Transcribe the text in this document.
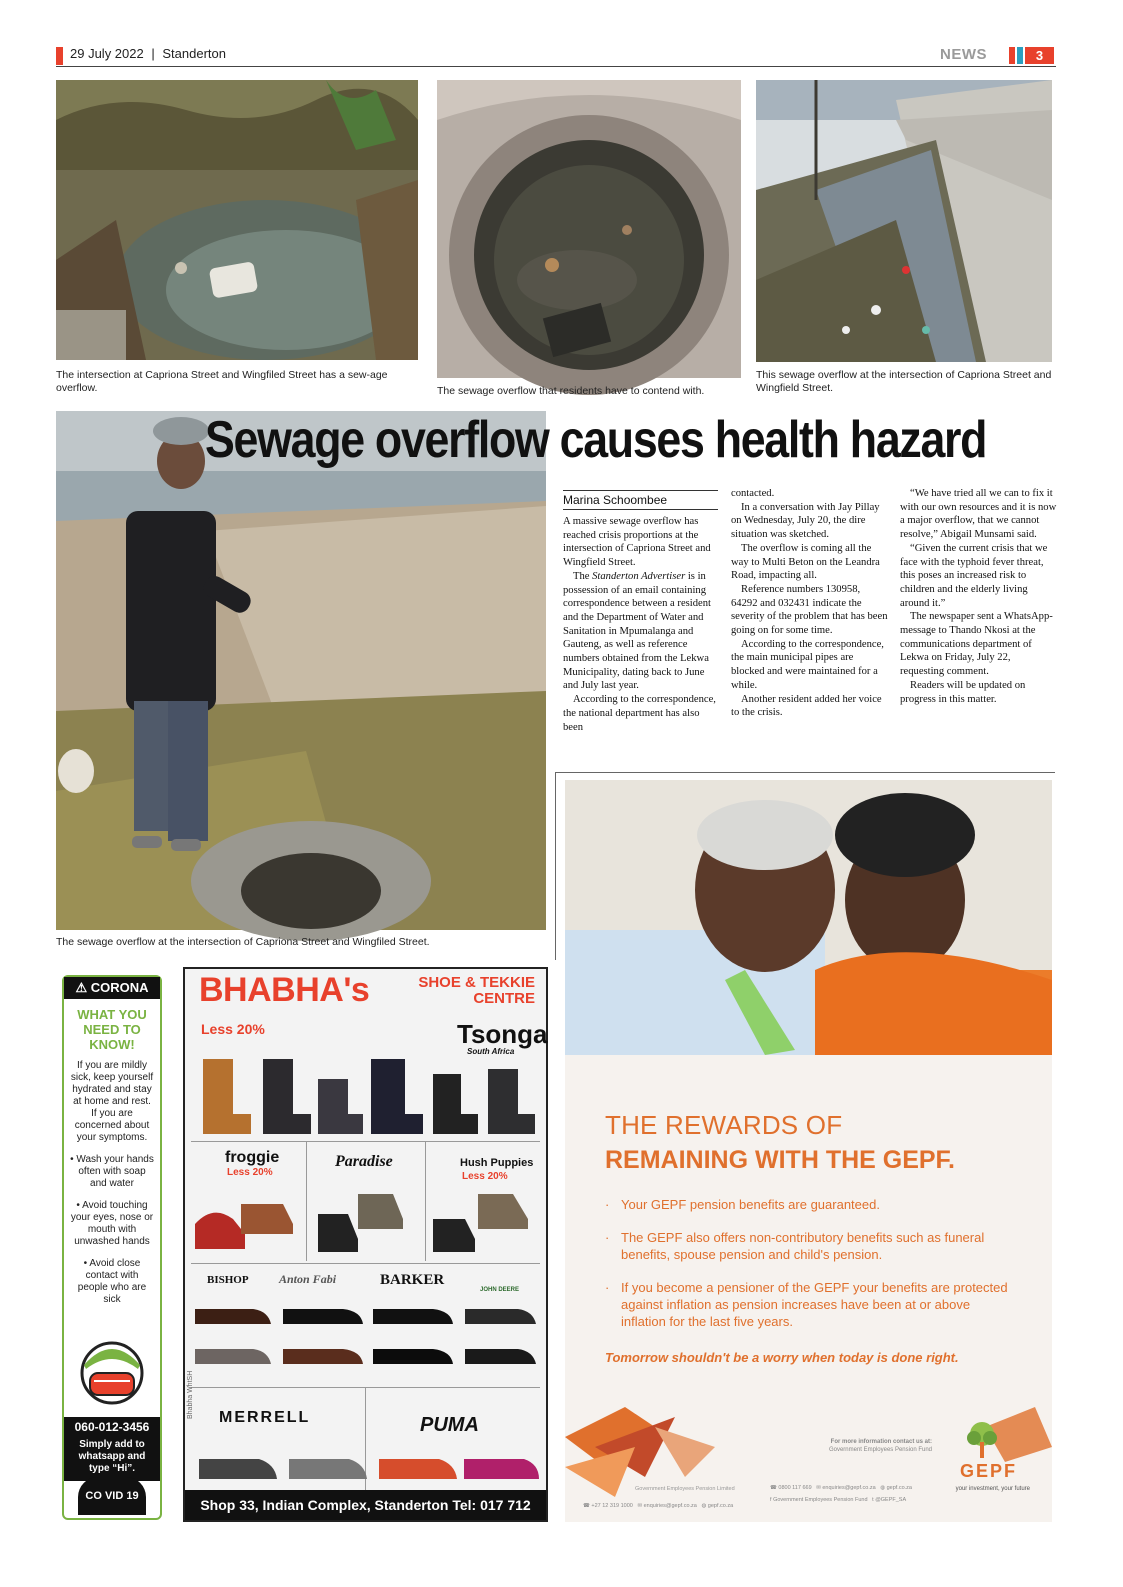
29 July 2022 | Standerton	NEWS	3
The intersection at Capriona Street and Wingfiled Street has a sew-age overflow.	The sewage overflow that residents have to contend with.
This sewage overflow at the intersection of Capriona Street and Wingfield Street.
The sewage overflow at the intersection of Capriona Street and Wingfiled Street.
Sewage overflow causes health hazard
Marina Schoombee

A massive sewage overflow has reached crisis proportions at the intersection of Capriona Street and Wingfield Street.

The Standerton Advertiser is in possession of an email containing correspondence between a resident and the Department of Water and Sanitation in Mpumalanga and Gauteng, as well as reference numbers obtained from the Lekwa Municipality, dating back to June and July last year.

According to the correspondence, the national department has also been

contacted.

In a conversation with Jay Pillay on Wednesday, July 20, the dire situation was sketched.

The overflow is coming all the way to Multi Beton on the Leandra Road, impacting all.

Reference numbers 130958, 64292 and 032431 indicate the severity of the problem that has been going on for some time.

According to the correspondence, the main municipal pipes are blocked and were maintained for a while.

Another resident added her voice to the crisis.

“We have tried all we can to fix it with our own resources and it is now a major overflow, that we cannot resolve,” Abigail Munsami said.

“Given the current crisis that we face with the typhoid fever threat, this poses an increased risk to children and the elderly living around it.”

The newspaper sent a WhatsApp-message to Thando Nkosi at the communications department of Lekwa on Friday, July 22, requesting comment.

Readers will be updated on progress in this matter.

⚠ CORONA
WHAT YOU NEED TO KNOW!

If you are mildly sick, keep yourself hydrated and stay at home and rest. If you are concerned about your symptoms.

• Wash your hands often with soap and water

• Avoid touching your eyes, nose or mouth with unwashed hands

• Avoid close contact with people who are sick

060-012-3456
Simply add to whatsapp and type “Hi”.
CO VID 19
BHABHA's	SHOE & TEKKIE CENTRE
Less 20%	Tsonga
South Africa
froggie
Less 20%
Paradise	Hush Puppies
Less 20%
BISHOP	Anton Fabi	BARKER
JOHN DEERE
MERRELL	PUMA
Bhabha WhtSH
Shop 33, Indian Complex, Standerton Tel: 017 712 2421
THE REWARDS OF
REMAINING WITH THE GEPF.
· Your GEPF pension benefits are guaranteed.
· The GEPF also offers non-contributory benefits such as funeral benefits, spouse pension and child's pension.
· If you become a pensioner of the GEPF your benefits are protected against inflation as pension increases have been at or above inflation for the last five years.
Tomorrow shouldn't be a worry when today is done right.
For more information contact us at:
Government Employees Pension Fund
Government Employees Pension Limited
☎ +27 12 319 1000 ✉ enquiries@gepf.co.za ◍ gepf.co.za
☎ 0800 117 669 ✉ enquiries@gepf.co.za ◍ gepf.co.za
f Government Employees Pension Fund t @GEPF_SA
GEPF
your investment, your future
